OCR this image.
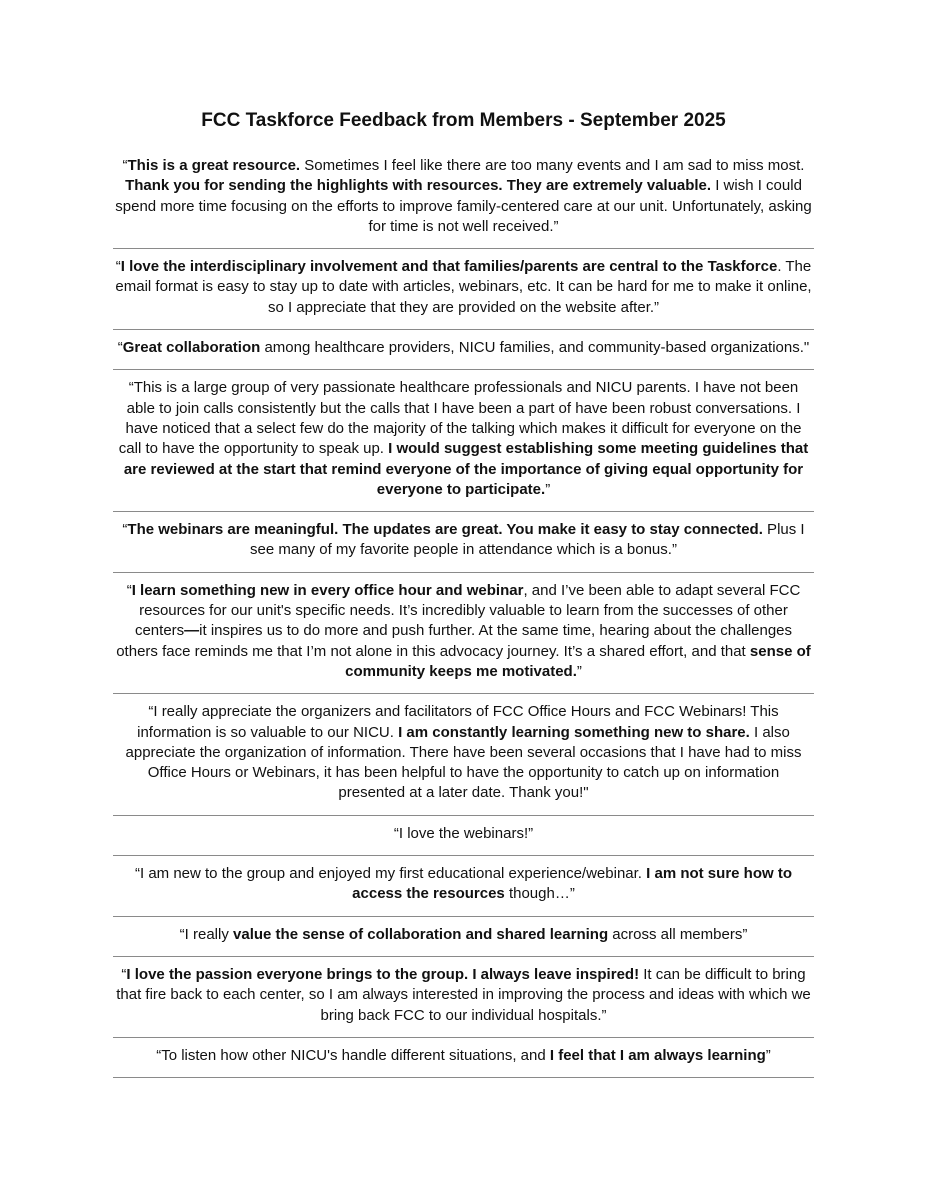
FCC Taskforce Feedback from Members - September 2025
“This is a great resource. Sometimes I feel like there are too many events and I am sad to miss most. Thank you for sending the highlights with resources. They are extremely valuable. I wish I could spend more time focusing on the efforts to improve family-centered care at our unit. Unfortunately, asking for time is not well received.”
“I love the interdisciplinary involvement and that families/parents are central to the Taskforce. The email format is easy to stay up to date with articles, webinars, etc. It can be hard for me to make it online, so I appreciate that they are provided on the website after.”
“Great collaboration among healthcare providers, NICU families, and community-based organizations."
“This is a large group of very passionate healthcare professionals and NICU parents. I have not been able to join calls consistently but the calls that I have been a part of have been robust conversations. I have noticed that a select few do the majority of the talking which makes it difficult for everyone on the call to have the opportunity to speak up. I would suggest establishing some meeting guidelines that are reviewed at the start that remind everyone of the importance of giving equal opportunity for everyone to participate.”
“The webinars are meaningful. The updates are great. You make it easy to stay connected. Plus I see many of my favorite people in attendance which is a bonus.”
“I learn something new in every office hour and webinar, and I’ve been able to adapt several FCC resources for our unit's specific needs. It’s incredibly valuable to learn from the successes of other centers—it inspires us to do more and push further. At the same time, hearing about the challenges others face reminds me that I’m not alone in this advocacy journey. It’s a shared effort, and that sense of community keeps me motivated.”
“I really appreciate the organizers and facilitators of FCC Office Hours and FCC Webinars! This information is so valuable to our NICU. I am constantly learning something new to share. I also appreciate the organization of information. There have been several occasions that I have had to miss Office Hours or Webinars, it has been helpful to have the opportunity to catch up on information presented at a later date. Thank you!"
“I love the webinars!”
“I am new to the group and enjoyed my first educational experience/webinar. I am not sure how to access the resources though…”
“I really value the sense of collaboration and shared learning across all members”
“I love the passion everyone brings to the group. I always leave inspired! It can be difficult to bring that fire back to each center, so I am always interested in improving the process and ideas with which we bring back FCC to our individual hospitals.”
“To listen how other NICU's handle different situations, and I feel that I am always learning”
